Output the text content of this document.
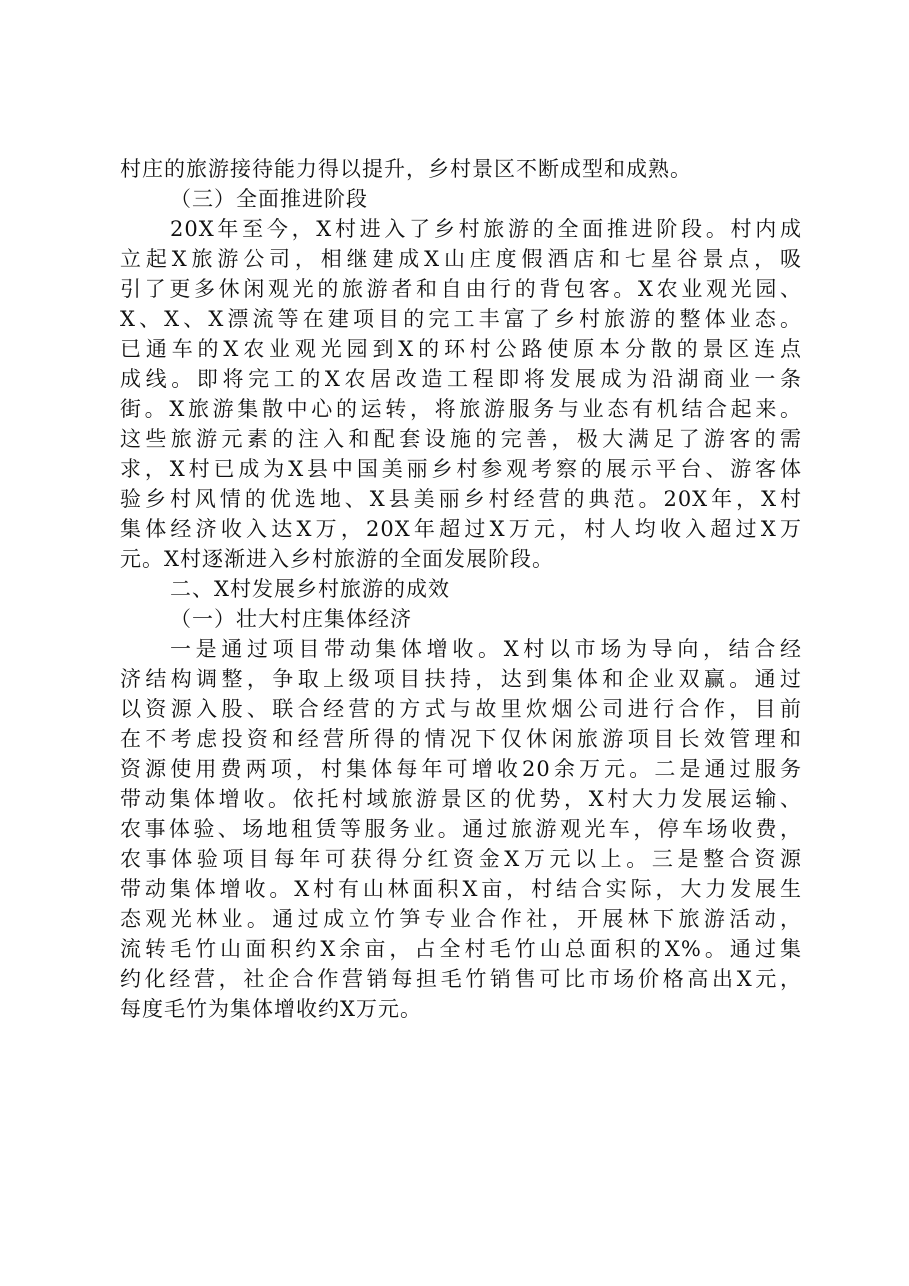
村庄的旅游接待能力得以提升，乡村景区不断成型和成熟。

（三）全面推进阶段

20X年至今，X村进入了乡村旅游的全面推进阶段。村内成
立起X旅游公司，相继建成X山庄度假酒店和七星谷景点，吸
引了更多休闲观光的旅游者和自由行的背包客。X农业观光园、
X、X、X漂流等在建项目的完工丰富了乡村旅游的整体业态。
已通车的X农业观光园到X的环村公路使原本分散的景区连点
成线。即将完工的X农居改造工程即将发展成为沿湖商业一条
街。X旅游集散中心的运转，将旅游服务与业态有机结合起来。
这些旅游元素的注入和配套设施的完善，极大满足了游客的需
求，X村已成为X县中国美丽乡村参观考察的展示平台、游客体
验乡村风情的优选地、X县美丽乡村经营的典范。20X年，X村
集体经济收入达X万，20X年超过X万元，村人均收入超过X万
元。X村逐渐进入乡村旅游的全面发展阶段。

二、X村发展乡村旅游的成效

（一）壮大村庄集体经济

一是通过项目带动集体增收。X村以市场为导向，结合经
济结构调整，争取上级项目扶持，达到集体和企业双赢。通过
以资源入股、联合经营的方式与故里炊烟公司进行合作，目前
在不考虑投资和经营所得的情况下仅休闲旅游项目长效管理和
资源使用费两项，村集体每年可增收20余万元。二是通过服务
带动集体增收。依托村域旅游景区的优势，X村大力发展运输、
农事体验、场地租赁等服务业。通过旅游观光车，停车场收费，
农事体验项目每年可获得分红资金X万元以上。三是整合资源
带动集体增收。X村有山林面积X亩，村结合实际，大力发展生
态观光林业。通过成立竹笋专业合作社，开展林下旅游活动，
流转毛竹山面积约X余亩，占全村毛竹山总面积的X%。通过集
约化经营，社企合作营销每担毛竹销售可比市场价格高出X元，
每度毛竹为集体增收约X万元。
